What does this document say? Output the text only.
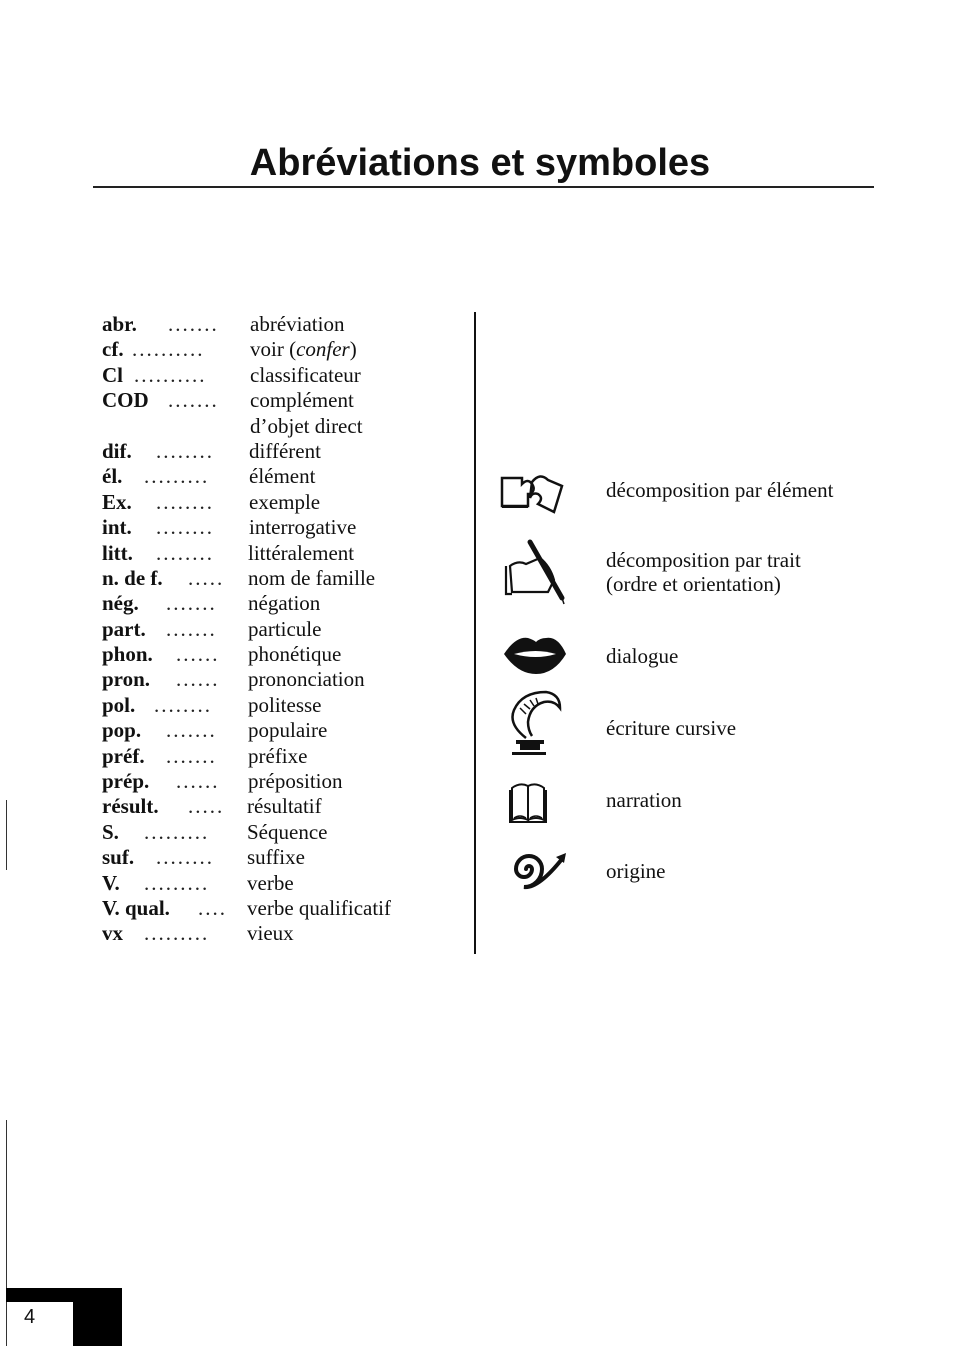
Abréviations et symboles
abr. ....... abréviation
cf. .......... voir (confer)
Cl .......... classificateur
COD ....... complément
d’objet direct
dif. ........ différent
él. ......... élément
Ex. ........ exemple
int. ........ interrogative
litt. ........ littéralement
n. de f. ..... nom de famille
nég. ....... négation
part. ....... particule
phon. ...... phonétique
pron. ...... prononciation
pol. ........ politesse
pop. ....... populaire
préf. ....... préfixe
prép. ...... préposition
résult. ..... résultatif
S. ......... Séquence
suf. ........ suffixe
V. ......... verbe
V. qual. .... verbe qualificatif
vx ......... vieux
décomposition par élément
décomposition par trait
(ordre et orientation)
dialogue
écriture cursive
narration
origine
4
